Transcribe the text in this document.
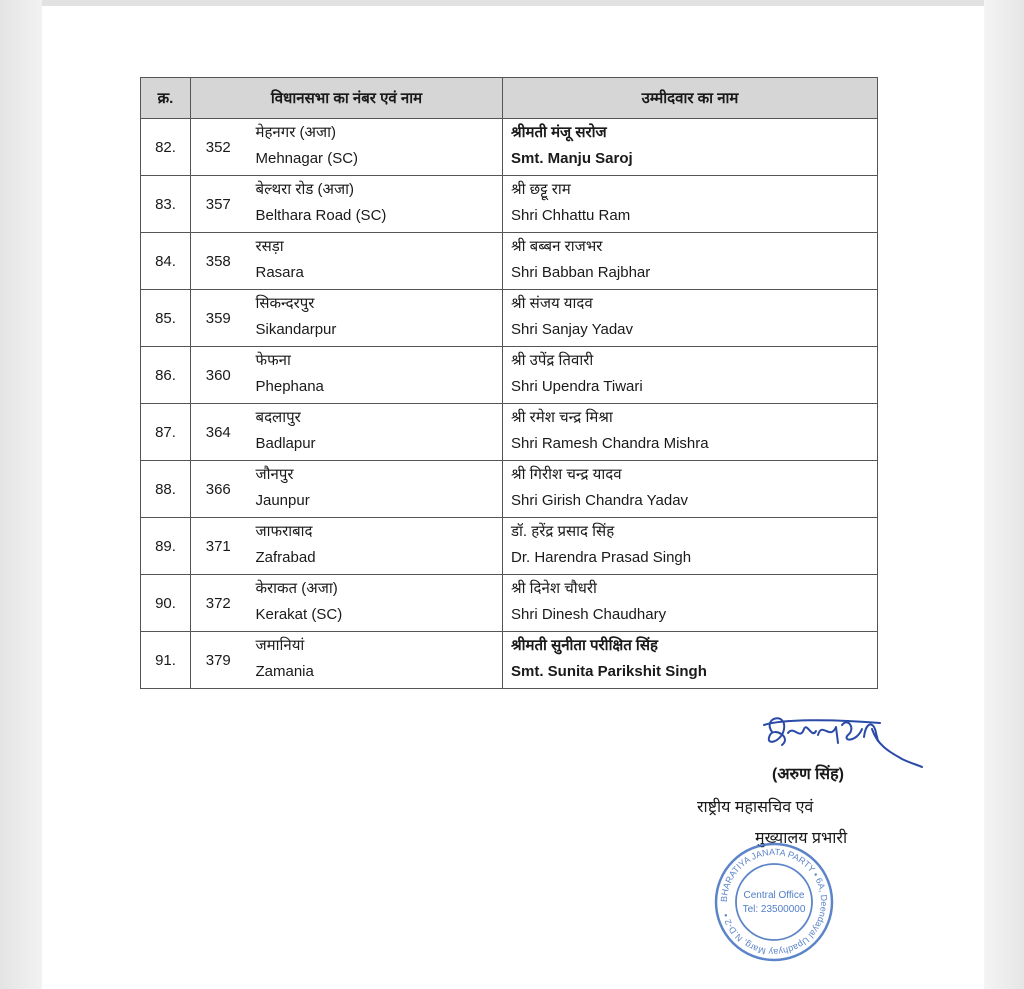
क्र.	विधानसभा का नंबर एवं नाम		उम्मीदवार का नाम
82.	352	मेहनगर (अजा)
Mehnagar (SC)	श्रीमती मंजू सरोज
Smt. Manju Saroj

83.	357	बेल्थरा रोड (अजा)
Belthara Road (SC)	श्री छट्टू राम
Shri Chhattu Ram

84.	358	रसड़ा
Rasara	श्री बब्बन राजभर
Shri Babban Rajbhar

85.	359	सिकन्दरपुर
Sikandarpur	श्री संजय यादव
Shri Sanjay Yadav

86.	360	फेफना
Phephana	श्री उपेंद्र तिवारी
Shri Upendra Tiwari

87.	364	बदलापुर
Badlapur	श्री रमेश चन्द्र मिश्रा
Shri Ramesh Chandra Mishra

88.	366	जौनपुर
Jaunpur	श्री गिरीश चन्द्र यादव
Shri Girish Chandra Yadav

89.	371	जाफराबाद
Zafrabad	डॉ. हरेंद्र प्रसाद सिंह
Dr. Harendra Prasad Singh

90.	372	केराकत (अजा)
Kerakat (SC)	श्री दिनेश चौधरी
Shri Dinesh Chaudhary

91.	379	जमानियां
Zamania	श्रीमती सुनीता परीक्षित सिंह
Smt. Sunita Parikshit Singh
(अरुण सिंह)
राष्ट्रीय महासचिव एवं
मुख्यालय प्रभारी
BHARATIYA JANATA PARTY • 6A, Deendayal Upadhyay Marg, N.D-2 •
Central Office
Tel: 23500000
